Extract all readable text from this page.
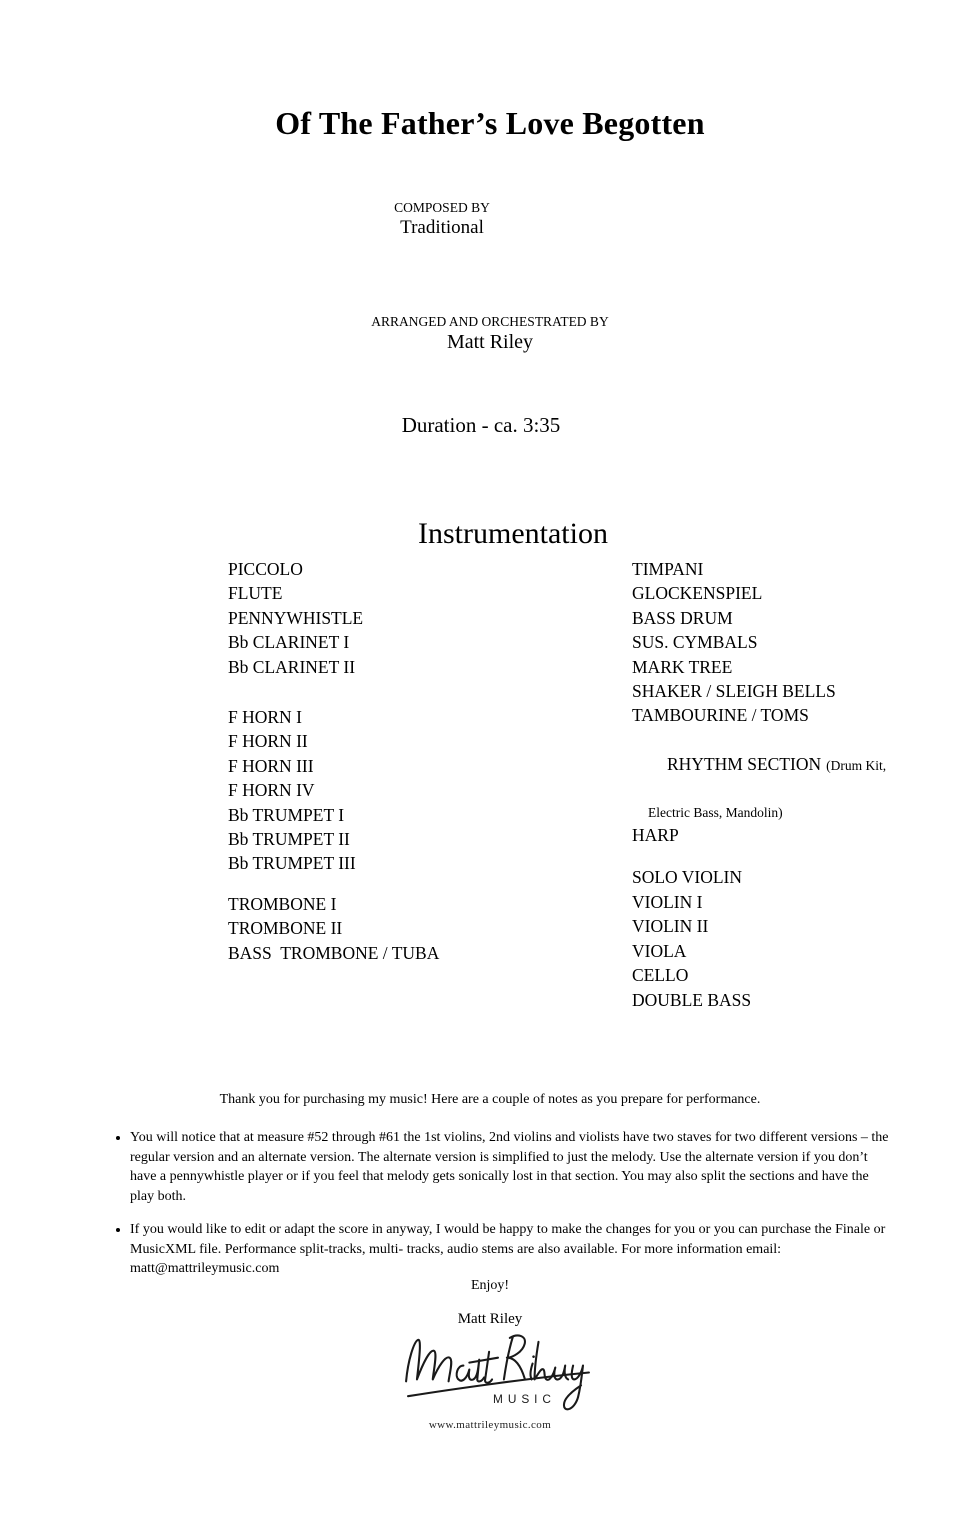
Of The Father’s Love Begotten
COMPOSED BY
Traditional
ARRANGED AND ORCHESTRATED BY
Matt Riley
Duration - ca. 3:35
Instrumentation
PICCOLO
FLUTE
PENNYWHISTLE
Bb CLARINET I
Bb CLARINET II
F HORN I
F HORN II
F HORN III
F HORN IV
Bb TRUMPET I
Bb TRUMPET II
Bb TRUMPET III
TROMBONE I
TROMBONE II
BASS  TROMBONE / TUBA
TIMPANI
GLOCKENSPIEL
BASS DRUM
SUS. CYMBALS
MARK TREE
SHAKER / SLEIGH BELLS
TAMBOURINE / TOMS

RHYTHM SECTION (Drum Kit,

Electric Bass, Mandolin)
HARP
SOLO VIOLIN
VIOLIN I
VIOLIN II
VIOLA
CELLO
DOUBLE BASS
Thank you for purchasing my music! Here are a couple of notes as you prepare for performance.
• You will notice that at measure #52 through #61 the 1st violins, 2nd violins and violists have two staves for two different versions – the regular version and an alternate version. The alternate version is simplified to just the melody. Use the alternate version if you don’t have a pennywhistle player or if you feel that melody gets sonically lost in that section. You may also split the sections and have the play both.
• If you would like to edit or adapt the score in anyway, I would be happy to make the changes for you or you can purchase the Finale or MusicXML file. Performance split-tracks, multi- tracks, audio stems are also available. For more information email: matt@mattrileymusic.com
Enjoy!
Matt Riley
MUSIC
www.mattrileymusic.com
